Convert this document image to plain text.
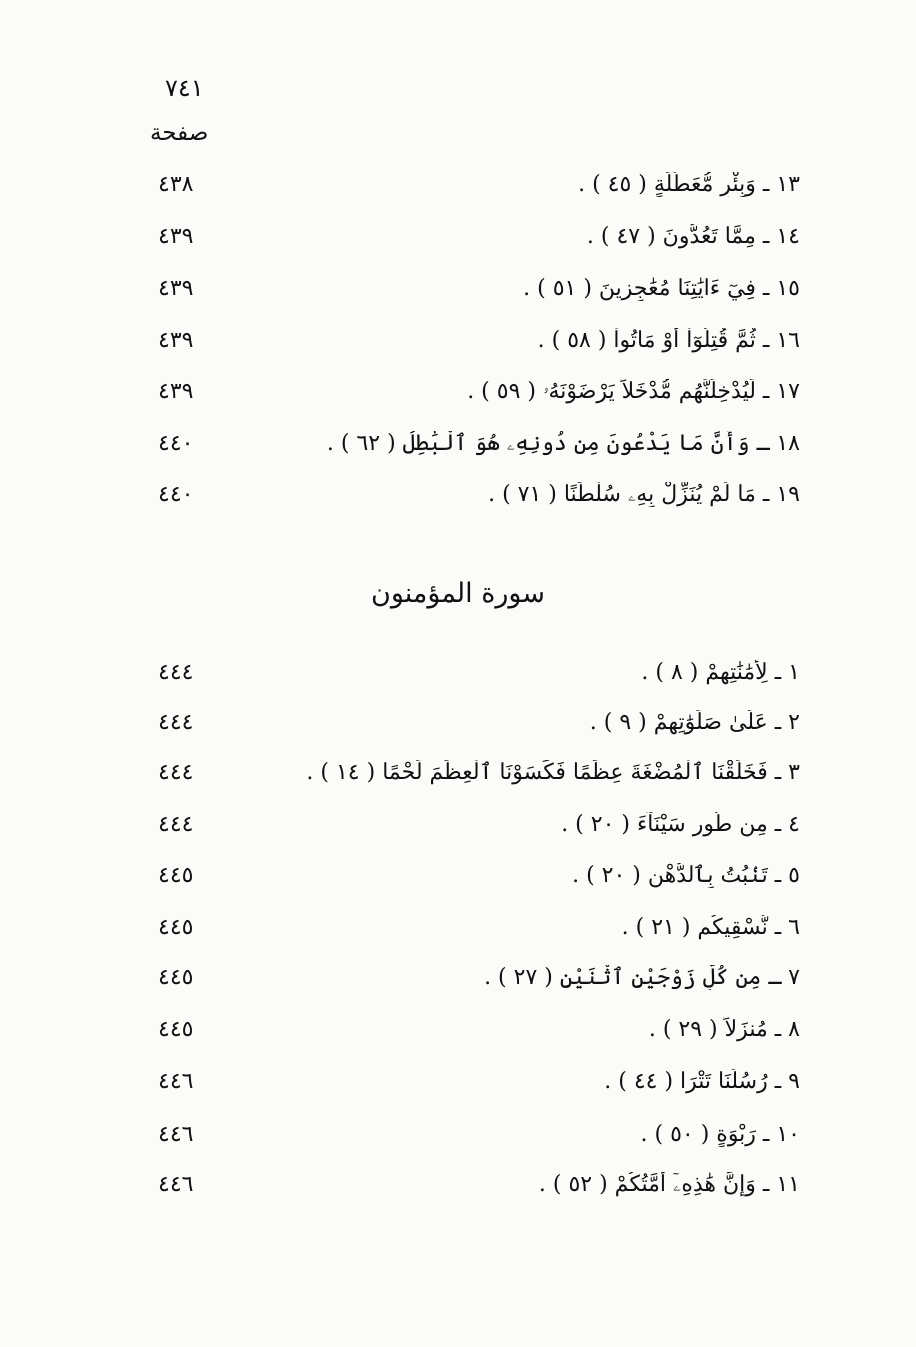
٧٤١
صفحة
٤٣٨	١٣ ـ وَبِئْرٍ مُّعَطَّلَةٍ ( ٤٥ ) .
٤٣٩	١٤ ـ مِمَّا تَعُدُّونَ ( ٤٧ ) .
٤٣٩	١٥ ـ فِيٓ ءَايَٰتِنَا مُعَٰجِزِينَ ( ٥١ ) .
٤٣٩	١٦ ـ ثُمَّ قُتِلُوٓاْ أَوْ مَاتُواْ ( ٥٨ ) .
٤٣٩	١٧ ـ لَيُدْخِلَنَّهُم مُّدْخَلاً يَرْضَوْنَهُۥ ( ٥٩ ) .
٤٤٠	١٨ ـ وَأَنَّ مَا يَدْعُونَ مِن دُونِهِۦ هُوَ ٱلْبَٰطِلُ ( ٦٢ ) .
٤٤٠	١٩ ـ مَا لَمْ يُنَزِّلْ بِهِۦ سُلْطَٰنًا ( ٧١ ) .
سورة المؤمنون
٤٤٤	١ ـ لِأَمَٰنَٰتِهِمْ ( ٨ ) .
٤٤٤	٢ ـ عَلَىٰ صَلَوَٰتِهِمْ ( ٩ ) .
٤٤٤	٣ ـ فَخَلَقْنَا ٱلْمُضْغَةَ عِظَٰمًا فَكَسَوْنَا ٱلْعِظَٰمَ لَحْمًا ( ١٤ ) .
٤٤٤	٤ ـ مِن طُورِ سَيْنَآءَ ( ٢٠ ) .
٤٤٥	٥ ـ تَنۢبُتُ بِٱلدُّهْنِ ( ٢٠ ) .
٤٤٥	٦ ـ نُّسْقِيكُم ( ٢١ ) .
٤٤٥	٧ ـ مِن كُلٍّ زَوْجَيْنِ ٱثْنَيْنِ ( ٢٧ ) .
٤٤٥	٨ ـ مُنزَلاً ( ٢٩ ) .
٤٤٦	٩ ـ رُسُلَنَا تَتْرَا ( ٤٤ ) .
٤٤٦	١٠ ـ رَبْوَةٍ ( ٥٠ ) .
٤٤٦	١١ ـ وَإِنَّ هَٰذِهِۦٓ أُمَّتُكُمْ ( ٥٢ ) .
